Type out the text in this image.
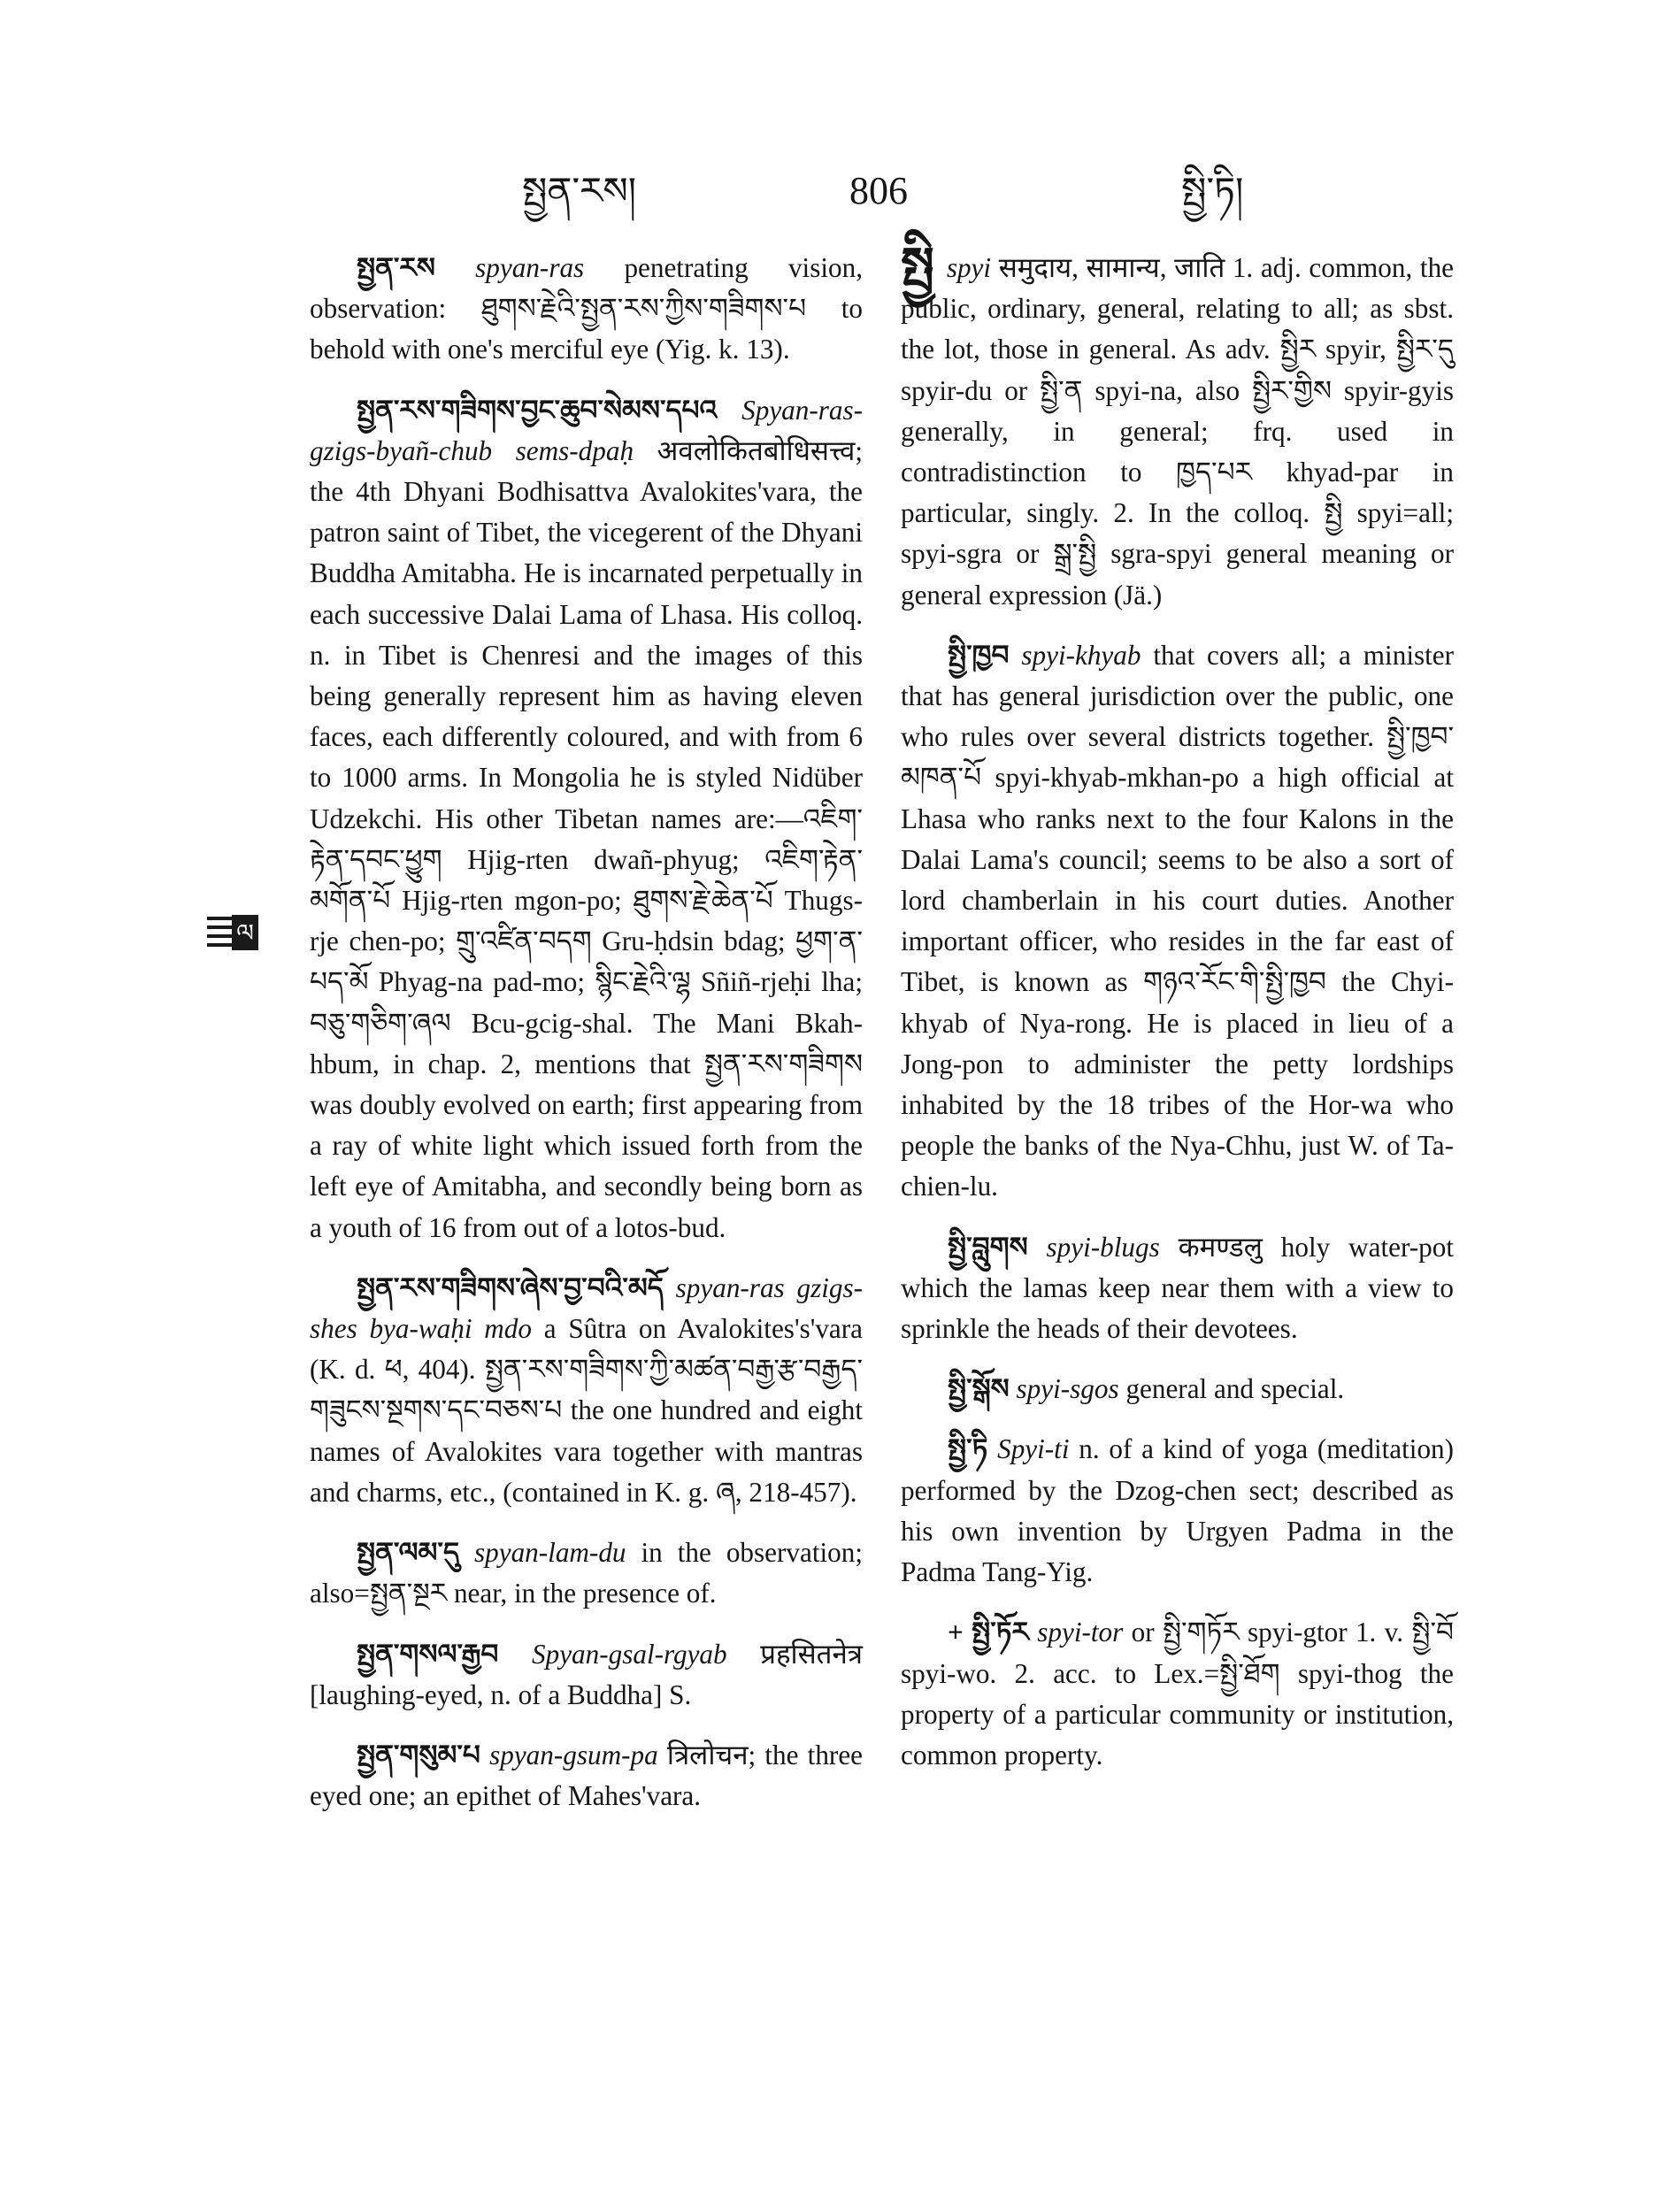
སྤྱན་རས།	806	སྤྱི་ཏི།
ལ

སྤྱན་རས spyan-ras penetrating vision, observation: ཐུགས་རྗེའི་སྤྱན་རས་ཀྱིས་གཟིགས་པ to behold with one's merciful eye (Yig. k. 13).

སྤྱན་རས་གཟིགས་བྱང་ཆུབ་སེམས་དཔའ Spyan-ras-gzigs-byañ-chub sems-dpaḥ अवलोकितबोधिसत्त्व; the 4th Dhyani Bodhisattva Avalokites'vara, the patron saint of Tibet, the vicegerent of the Dhyani Buddha Amitabha. He is incarnated perpetually in each successive Dalai Lama of Lhasa. His colloq. n. in Tibet is Chenresi and the images of this being generally represent him as having eleven faces, each differently coloured, and with from 6 to 1000 arms. In Mongolia he is styled Nidüber Udzekchi. His other Tibetan names are:—འཇིག་རྟེན་དབང་ཕྱུག Hjig-rten dwañ-phyug; འཇིག་རྟེན་མགོན་པོ Hjig-rten mgon-po; ཐུགས་རྗེ་ཆེན་པོ Thugs-rje chen-po; གྲུ་འཛིན་བདག Gru-ḥdsin bdag; ཕྱག་ན་པད་མོ Phyag-na pad-mo; སྙིང་རྗེའི་ལྷ Sñiñ-rjeḥi lha; བཅུ་གཅིག་ཞལ Bcu-gcig-shal. The Mani Bkah-hbum, in chap. 2, mentions that སྤྱན་རས་གཟིགས was doubly evolved on earth; first appearing from a ray of white light which issued forth from the left eye of Amitabha, and secondly being born as a youth of 16 from out of a lotos-bud.

སྤྱན་རས་གཟིགས་ཞེས་བྱ་བའི་མདོ spyan-ras gzigs-shes bya-waḥi mdo a Sûtra on Avalokites's'vara (K. d. ཕ, 404). སྤྱན་རས་གཟིགས་ཀྱི་མཚན་བརྒྱ་རྩ་བརྒྱད་གཟུངས་སྔགས་དང་བཅས་པ the one hundred and eight names of Avalokites vara together with mantras and charms, etc., (contained in K. g. ཞ, 218-457).

སྤྱན་ལམ་དུ spyan-lam-du in the observation; also=སྤྱན་སྔར near, in the presence of.

སྤྱན་གསལ་རྒྱབ Spyan-gsal-rgyab प्रहसितनेत्र [laughing-eyed, n. of a Buddha] S.

སྤྱན་གསུམ་པ spyan-gsum-pa त्रिलोचन; the three eyed one; an epithet of Mahes'vara.

སྤྱིspyi समुदाय, सामान्य, जाति 1. adj. common, the public, ordinary, general, relating to all; as sbst. the lot, those in general. As adv. སྤྱིར spyir, སྤྱིར་དུ spyir-du or སྤྱི་ན spyi-na, also སྤྱིར་གྱིས spyir-gyis generally, in general; frq. used in contradistinction to ཁྱད་པར khyad-par in particular, singly. 2. In the colloq. སྤྱི spyi=all; spyi-sgra or སྒྲ་སྤྱི sgra-spyi general meaning or general expression (Jä.)

སྤྱི་ཁྱབ spyi-khyab that covers all; a minister that has general jurisdiction over the public, one who rules over several districts together. སྤྱི་ཁྱབ་མཁན་པོ spyi-khyab-mkhan-po a high official at Lhasa who ranks next to the four Kalons in the Dalai Lama's council; seems to be also a sort of lord chamberlain in his court duties. Another important officer, who resides in the far east of Tibet, is known as གཉའ་རོང་གི་སྤྱི་ཁྱབ the Chyi-khyab of Nya-rong. He is placed in lieu of a Jong-pon to administer the petty lordships inhabited by the 18 tribes of the Hor-wa who people the banks of the Nya-Chhu, just W. of Ta-chien-lu.

སྤྱི་བླུགས spyi-blugs कमण्डलु holy water-pot which the lamas keep near them with a view to sprinkle the heads of their devotees.

སྤྱི་སྒོས spyi-sgos general and special.

སྤྱི་ཏི Spyi-ti n. of a kind of yoga (meditation) performed by the Dzog-chen sect; described as his own invention by Urgyen Padma in the Padma Tang-Yig.

+ སྤྱི་ཏོར spyi-tor or སྤྱི་གཏོར spyi-gtor 1. v. སྤྱི་བོ spyi-wo. 2. acc. to Lex.=སྤྱི་ཐོག spyi-thog the property of a particular community or institution, common property.
